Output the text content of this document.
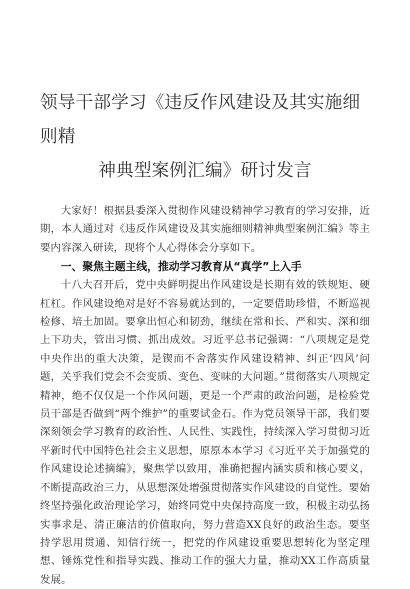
领导干部学习《违反作风建设及其实施细则精
神典型案例汇编》研讨发言

大家好！根据县委深入贯彻作风建设精神学习教育的学习安排，近期，本人通过对《违反作风建设及其实施细则精神典型案例汇编》等主要内容深入研读，现将个人心得体会分享如下。

一、聚焦主题主线，推动学习教育从“真学”上入手

十八大召开后，党中央鲜明提出作风建设是长期有效的铁规矩、硬杠杠。作风建设绝对是好不容易就达到的，一定要借助珍惜，不断巡视检修、培土加固。要拿出恒心和韧劲，继续在常和长、严和实、深和细上下功夫，管出习惯、抓出成效。习近平总书记强调：“八项规定是党中央作出的重大决策，是锲而不舍落实作风建设精神、纠正‘四风’问题，关乎我们党会不会变质、变色、变味的大问题。”贯彻落实八项规定精神，绝不仅仅是一个作风问题，更是一个严肃的政治问题，是检验党员干部是否做到“两个维护”的重要试金石。作为党员领导干部，我们要深刻领会学习教育的政治性、人民性、实践性，持续深入学习贯彻习近平新时代中国特色社会主义思想，原原本本学习《习近平关于加强党的作风建设论述摘编》，聚焦学以致用，准确把握内涵实质和核心要义，不断提高政治三力，从思想深处增强贯彻落实作风建设的自觉性。要始终坚持强化政治理论学习，始终同党中央保持高度一致，积极主动弘扬实事求是、清正廉洁的价值取向，努力营造XX良好的政治生态。要坚持学思用贯通、知信行统一，把党的作风建设重要思想转化为坚定理想、锤炼党性和指导实践、推动工作的强大力量，推动XX工作高质量发展。
